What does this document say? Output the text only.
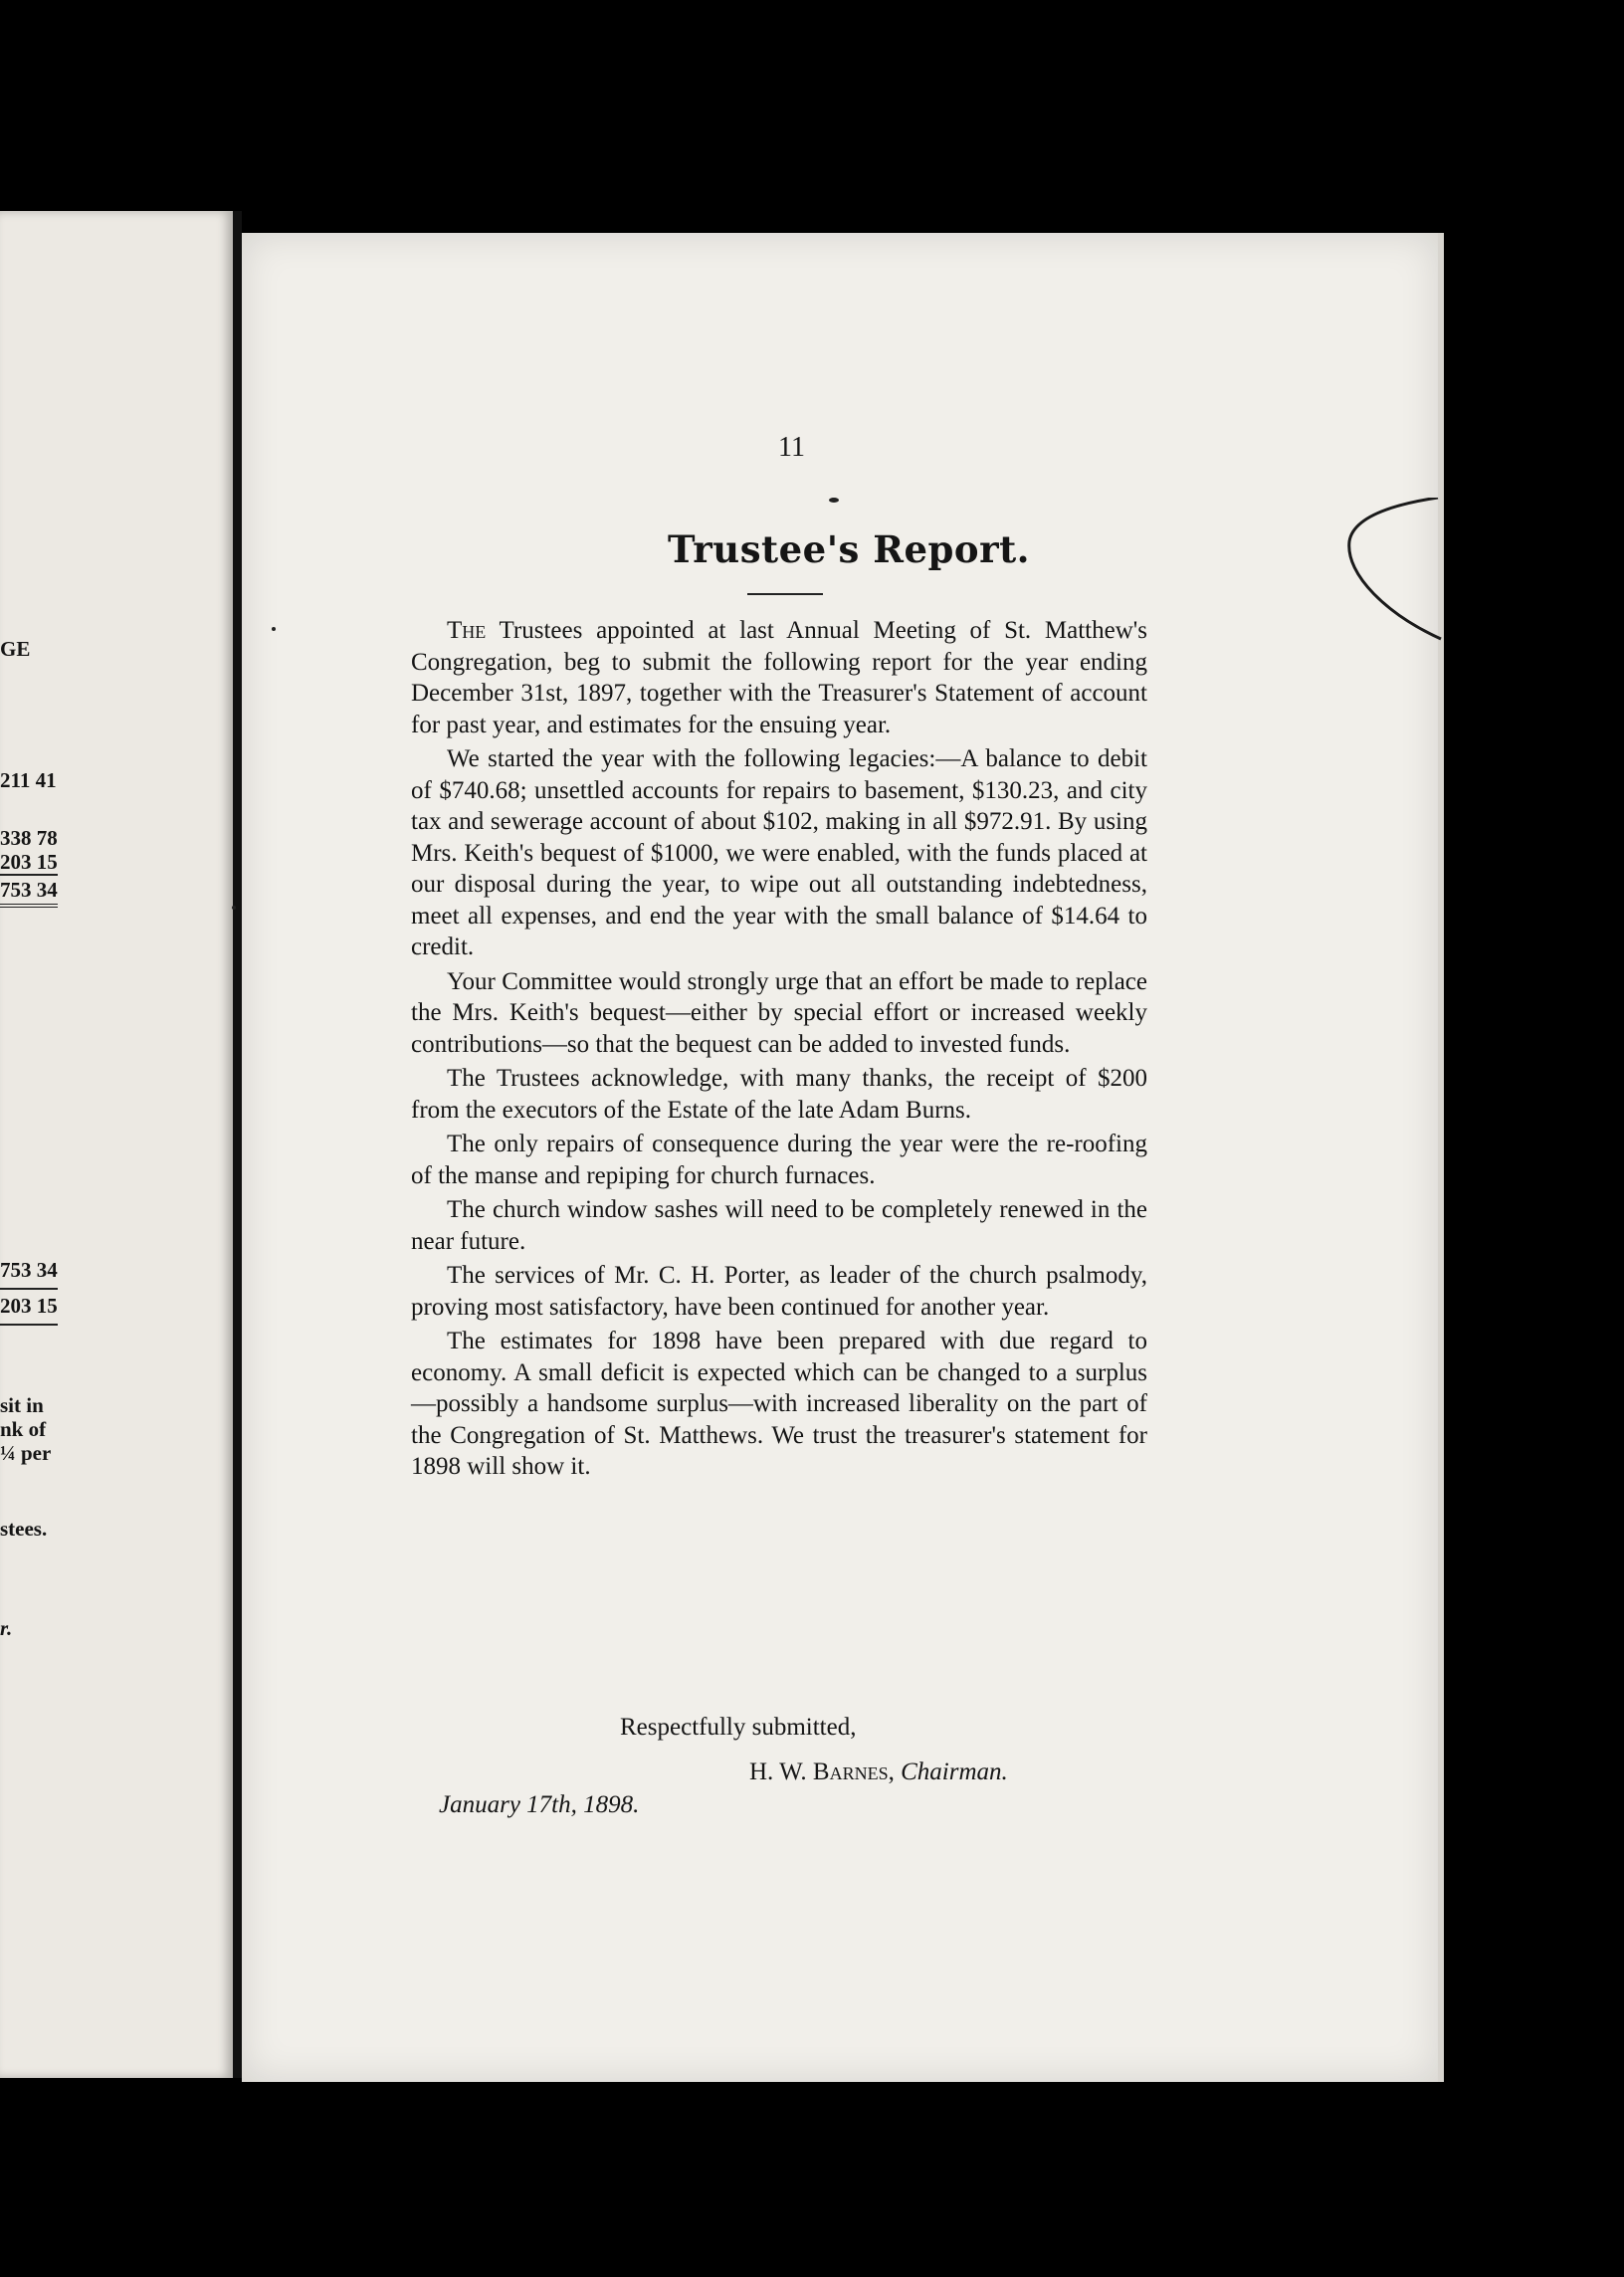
GE
211 41
338 78
203 15
753 34
753 34
203 15
sit in
nk of
¼ per
stees.
r.
11
Trustee's Report.

The Trustees appointed at last Annual Meeting of St. Matthew's Congregation, beg to submit the following report for the year ending December 31st, 1897, together with the Treasurer's Statement of account for past year, and estimates for the ensuing year.

We started the year with the following legacies:—A balance to debit of $740.68; unsettled accounts for repairs to basement, $130.23, and city tax and sewerage account of about $102, making in all $972.91. By using Mrs. Keith's bequest of $1000, we were enabled, with the funds placed at our disposal during the year, to wipe out all outstanding indebtedness, meet all expenses, and end the year with the small balance of $14.64 to credit.

Your Committee would strongly urge that an effort be made to replace the Mrs. Keith's bequest—either by special effort or increased weekly contributions—so that the bequest can be added to invested funds.

The Trustees acknowledge, with many thanks, the receipt of $200 from the executors of the Estate of the late Adam Burns.

The only repairs of consequence during the year were the re-roofing of the manse and repiping for church furnaces.

The church window sashes will need to be completely renewed in the near future.

The services of Mr. C. H. Porter, as leader of the church psalmody, proving most satisfactory, have been continued for another year.

The estimates for 1898 have been prepared with due regard to economy. A small deficit is expected which can be changed to a surplus—possibly a handsome surplus—with increased liberality on the part of the Congregation of St. Matthews. We trust the treasurer's statement for 1898 will show it.

Respectfully submitted,
H. W. Barnes, Chairman.
January 17th, 1898.
